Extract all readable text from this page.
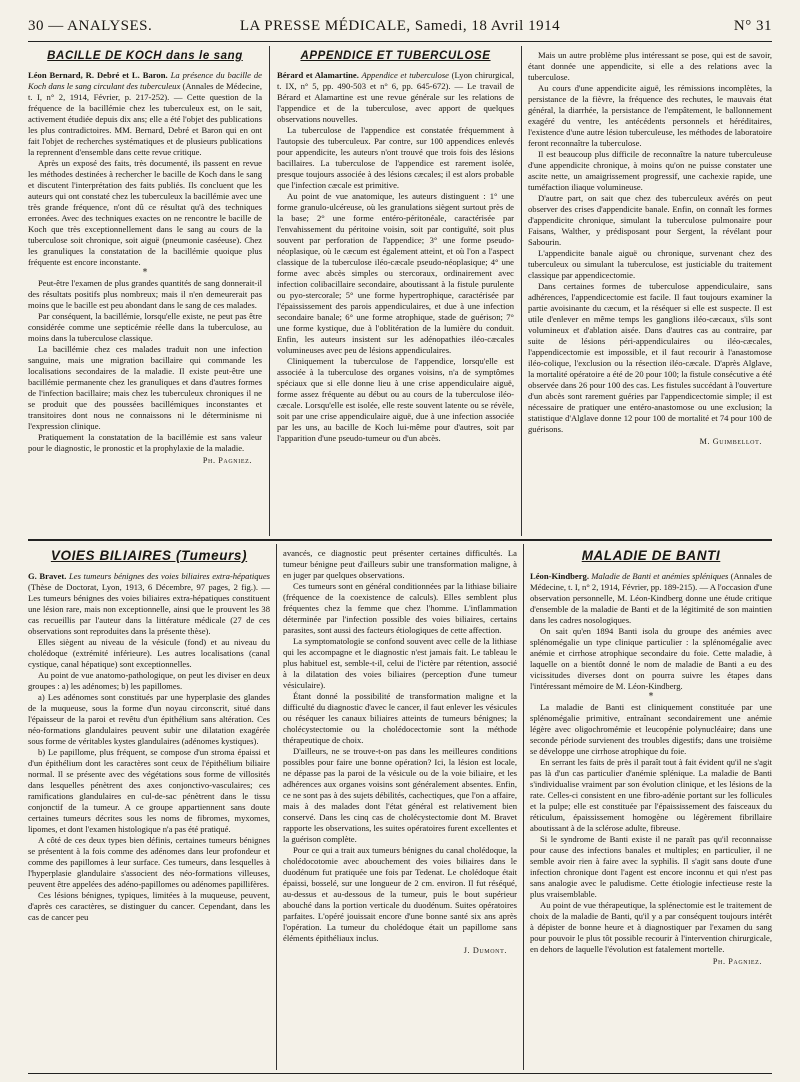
30 — ANALYSES.	LA PRESSE MÉDICALE, Samedi, 18 Avril 1914	N° 31
BACILLE DE KOCH dans le sang

Léon Bernard, R. Debré et L. Baron. La présence du bacille de Koch dans le sang circulant des tuberculeux (Annales de Médecine, t. I, n° 2, 1914, Février, p. 217-252). — Cette question de la fréquence de la bacillémie chez les tuberculeux est, on le sait, activement étudiée depuis dix ans; elle a été l'objet des publications les plus contradictoires. MM. Bernard, Debré et Baron qui en ont fait l'objet de recherches systématiques et de plusieurs publications la reprennent d'ensemble dans cette revue critique.

Après un exposé des faits, très documenté, ils passent en revue les méthodes destinées à rechercher le bacille de Koch dans le sang et discutent l'interprétation des faits publiés. Ils concluent que les auteurs qui ont constaté chez les tuberculeux la bacillémie avec une très grande fréquence, n'ont dû ce résultat qu'à des techniques erronées. Avec des techniques exactes on ne rencontre le bacille de Koch que très exceptionnellement dans le sang au cours de la tuberculose soit chronique, soit aiguë (pneumonie caséeuse). Chez les granuliques la constatation de la bacillémie quoique plus fréquente est encore inconstante.

*

Peut-être l'examen de plus grandes quantités de sang donnerait-il des résultats positifs plus nombreux; mais il n'en demeurerait pas moins que le bacille est peu abondant dans le sang de ces malades.

Par conséquent, la bacillémie, lorsqu'elle existe, ne peut pas être considérée comme une septicémie réelle dans la tuberculose, au moins dans la tuberculose classique.

La bacillémie chez ces malades traduit non une infection sanguine, mais une migration bacillaire qui commande les localisations secondaires de la maladie. Il existe peut-être une bacillémie permanente chez les granuliques et dans d'autres formes de l'infection bacillaire; mais chez les tuberculeux chroniques il ne se produit que des poussées bacillémiques inconstantes et transitoires dont nous ne connaissons ni le déterminisme ni l'expression clinique.

Pratiquement la constatation de la bacillémie est sans valeur pour le diagnostic, le pronostic et la prophylaxie de la maladie.

Ph. Pagniez.
APPENDICE ET TUBERCULOSE

Bérard et Alamartine. Appendice et tuberculose (Lyon chirurgical, t. IX, n° 5, pp. 490-503 et n° 6, pp. 645-672). — Le travail de Bérard et Alamartine est une revue générale sur les relations de l'appendice et de la tuberculose, avec apport de quelques observations nouvelles.

La tuberculose de l'appendice est constatée fréquemment à l'autopsie des tuberculeux. Par contre, sur 100 appendices enlevés pour appendicite, les auteurs n'ont trouvé que trois fois des lésions bacillaires. La tuberculose de l'appendice est rarement isolée, presque toujours associée à des lésions cæcales; il est alors probable que l'infection cæcale est primitive.

Au point de vue anatomique, les auteurs distinguent : 1° une forme granulo-ulcéreuse, où les granulations siègent surtout près de la base; 2° une forme entéro-péritonéale, caractérisée par l'envahissement du péritoine voisin, soit par contiguïté, soit plus souvent par perforation de l'appendice; 3° une forme pseudo-néoplasique, où le cæcum est également atteint, et où l'on a l'aspect classique de la tuberculose iléo-cæcale pseudo-néoplasique; 4° une forme avec abcès simples ou stercoraux, ordinairement avec infection colibacillaire secondaire, aboutissant à la fistule purulente ou pyo-stercorale; 5° une forme hypertrophique, caractérisée par l'épaississement des parois appendiculaires, et due à une infection secondaire banale; 6° une forme atrophique, stade de guérison; 7° une forme kystique, due à l'oblitération de la lumière du conduit. Enfin, les auteurs insistent sur les adénopathies iléo-cæcales volumineuses avec peu de lésions appendiculaires.

Cliniquement la tuberculose de l'appendice, lorsqu'elle est associée à la tuberculose des organes voisins, n'a de symptômes spéciaux que si elle donne lieu à une crise appendiculaire aiguë, forme assez fréquente au début ou au cours de la tuberculose iléo-cæcale. Lorsqu'elle est isolée, elle reste souvent latente ou se révèle, soit par une crise appendiculaire aiguë, due à une infection associée par les uns, au bacille de Koch lui-même pour d'autres, soit par l'apparition d'une pseudo-tumeur ou d'un abcès.

Mais un autre problème plus intéressant se pose, qui est de savoir, étant donnée une appendicite, si elle a des relations avec la tuberculose.

Au cours d'une appendicite aiguë, les rémissions incomplètes, la persistance de la fièvre, la fréquence des rechutes, le mauvais état général, la diarrhée, la persistance de l'empâtement, le ballonnement exagéré du ventre, les antécédents personnels et héréditaires, l'existence d'une autre lésion tuberculeuse, les méthodes de laboratoire feront reconnaître la tuberculose.

Il est beaucoup plus difficile de reconnaître la nature tuberculeuse d'une appendicite chronique, à moins qu'on ne puisse constater une ascite nette, un amaigrissement progressif, une cachexie rapide, une tuméfaction iliaque volumineuse.

D'autre part, on sait que chez des tuberculeux avérés on peut observer des crises d'appendicite banale. Enfin, on connaît les formes d'appendicite chronique, simulant la tuberculose pulmonaire pour Faisans, Walther, y prédisposant pour Sergent, la révélant pour Sabourin.

L'appendicite banale aiguë ou chronique, survenant chez des tuberculeux ou simulant la tuberculose, est justiciable du traitement classique par appendicectomie.

Dans certaines formes de tuberculose appendiculaire, sans adhérences, l'appendicectomie est facile. Il faut toujours examiner la partie avoisinante du cæcum, et la réséquer si elle est suspecte. Il est utile d'enlever en même temps les ganglions iléo-cæcaux, s'ils sont volumineux et d'ablation aisée. Dans d'autres cas au contraire, par suite de lésions péri-appendiculaires ou iléo-cæcales, l'appendicectomie est impossible, et il faut recourir à l'anastomose iléo-colique, l'exclusion ou la résection iléo-cæcale. D'après Alglave, la mortalité opératoire a été de 20 pour 100; la fistule consécutive a été observée dans 26 pour 100 des cas. Les fistules succédant à l'ouverture d'un abcès sont rarement guéries par l'appendicectomie simple; il est nécessaire de pratiquer une entéro-anastomose ou une exclusion; la statistique d'Alglave donne 12 pour 100 de mortalité et 74 pour 100 de guérisons.

M. Guimbellot.
VOIES BILIAIRES (Tumeurs)

G. Bravet. Les tumeurs bénignes des voies biliaires extra-hépatiques (Thèse de Doctorat, Lyon, 1913, 6 Décembre, 97 pages, 2 fig.). — Les tumeurs bénignes des voies biliaires extra-hépatiques constituent une lésion rare, mais non exceptionnelle, ainsi que le prouvent les 38 cas recueillis par l'auteur dans la littérature médicale (27 de ces observations sont reproduites dans la présente thèse).

Elles siègent au niveau de la vésicule (fond) et au niveau du cholédoque (extrémité inférieure). Les autres localisations (canal cystique, canal hépatique) sont exceptionnelles.

Au point de vue anatomo-pathologique, on peut les diviser en deux groupes : a) les adénomes; b) les papillomes.

a) Les adénomes sont constitués par une hyperplasie des glandes de la muqueuse, sous la forme d'un noyau circonscrit, situé dans l'épaisseur de la paroi et revêtu d'un épithélium sans altération. Ces néo-formations glandulaires peuvent subir une dilatation exagérée sous forme de véritables kystes glandulaires (adénomes kystiques).

b) Le papillome, plus fréquent, se compose d'un stroma épaissi et d'un épithélium dont les caractères sont ceux de l'épithélium biliaire normal. Il se présente avec des végétations sous forme de villosités dans lesquelles pénètrent des axes conjonctivo-vasculaires; ces ramifications glandulaires en cul-de-sac pénètrent dans le tissu conjonctif de la tumeur. A ce groupe appartiennent sans doute certaines tumeurs décrites sous les noms de fibromes, myxomes, lipomes, et dont l'examen histologique n'a pas été pratiqué.

A côté de ces deux types bien définis, certaines tumeurs bénignes se présentent à la fois comme des adénomes dans leur profondeur et comme des papillomes à leur surface. Ces tumeurs, dans lesquelles à l'hyperplasie glandulaire s'associent des néo-formations villeuses, peuvent être appelées des adéno-papillomes ou adénomes papillifères.

Ces lésions bénignes, typiques, limitées à la muqueuse, peuvent, d'après ces caractères, se distinguer du cancer. Cependant, dans les cas de cancer peu

avancés, ce diagnostic peut présenter certaines difficultés. La tumeur bénigne peut d'ailleurs subir une transformation maligne, à en juger par quelques observations.

Ces tumeurs sont en général conditionnées par la lithiase biliaire (fréquence de la coexistence de calculs). Elles semblent plus fréquentes chez la femme que chez l'homme. L'inflammation déterminée par l'infection possible des voies biliaires, certains parasites, sont aussi des facteurs étiologiques de cette affection.

La symptomatologie se confond souvent avec celle de la lithiase qui les accompagne et le diagnostic n'est jamais fait. Le tableau le plus habituel est, semble-t-il, celui de l'ictère par rétention, associé à la dilatation des voies biliaires (perception d'une tumeur vésiculaire).

Étant donné la possibilité de transformation maligne et la difficulté du diagnostic d'avec le cancer, il faut enlever les vésicules ou réséquer les canaux biliaires atteints de tumeurs bénignes; la cholécystectomie ou la cholédocectomie sont la méthode thérapeutique de choix.

D'ailleurs, ne se trouve-t-on pas dans les meilleures conditions possibles pour faire une bonne opération? Ici, la lésion est locale, ne dépasse pas la paroi de la vésicule ou de la voie biliaire, et les adhérences aux organes voisins sont généralement absentes. Enfin, ce ne sont pas à des sujets débilités, cachectiques, que l'on a affaire, mais à des malades dont l'état général est relativement bien conservé. Dans les cinq cas de cholécystectomie dont M. Bravet rapporte les observations, les suites opératoires furent excellentes et la guérison complète.

Pour ce qui a trait aux tumeurs bénignes du canal cholédoque, la cholédocotomie avec abouchement des voies biliaires dans le duodénum fut pratiquée une fois par Tedenat. Le cholédoque était épaissi, bosselé, sur une longueur de 2 cm. environ. Il fut réséqué, au-dessus et au-dessous de la tumeur, puis le bout supérieur abouché dans la portion verticale du duodénum. Suites opératoires parfaites. L'opéré jouissait encore d'une bonne santé six ans après l'opération. La tumeur du cholédoque était un papillome sans éléments épithéliaux inclus.

J. Dumont.
MALADIE DE BANTI

Léon-Kindberg. Maladie de Banti et anémies spléniques (Annales de Médecine, t. I, n° 2, 1914, Février, pp. 189-215). — A l'occasion d'une observation personnelle, M. Léon-Kindberg donne une étude critique d'ensemble de la maladie de Banti et de la légitimité de son maintien dans les cadres nosologiques.

On sait qu'en 1894 Banti isola du groupe des anémies avec splénomégalie un type clinique particulier : la splénomégalie avec anémie et cirrhose atrophique secondaire du foie. Cette maladie, à laquelle on a bientôt donné le nom de maladie de Banti a eu des vicissitudes diverses dont on pourra suivre les étapes dans l'intéressant mémoire de M. Léon-Kindberg.

*

La maladie de Banti est cliniquement constituée par une splénomégalie primitive, entraînant secondairement une anémie légère avec oligochromémie et leucopénie polynucléaire; dans une seconde période survienent des troubles digestifs; dans une troisième se développe une cirrhose atrophique du foie.

En serrant les faits de près il paraît tout à fait évident qu'il ne s'agit pas là d'un cas particulier d'anémie splénique. La maladie de Banti s'individualise vraiment par son évolution clinique, et les lésions de la rate. Celles-ci consistent en une fibro-adénie portant sur les follicules et la pulpe; elle est constituée par l'épaississement des faisceaux du réticulum, épaississement homogène ou légèrement fibrillaire aboutissant à de la sclérose adulte, fibreuse.

Si le syndrome de Banti existe il ne paraît pas qu'il reconnaisse pour cause des infections banales et multiples; en particulier, il ne semble avoir rien à faire avec la syphilis. Il s'agit sans doute d'une infection chronique dont l'agent est encore inconnu et qui n'est pas sans analogie avec le paludisme. Cette étiologie infectieuse reste la plus vraisemblable.

Au point de vue thérapeutique, la splénectomie est le traitement de choix de la maladie de Banti, qu'il y a par conséquent toujours intérêt à dépister de bonne heure et à diagnostiquer par l'examen du sang pour pouvoir le plus tôt possible recourir à l'intervention chirurgicale, en dehors de laquelle l'évolution est fatalement mortelle.

Ph. Pagniez.
